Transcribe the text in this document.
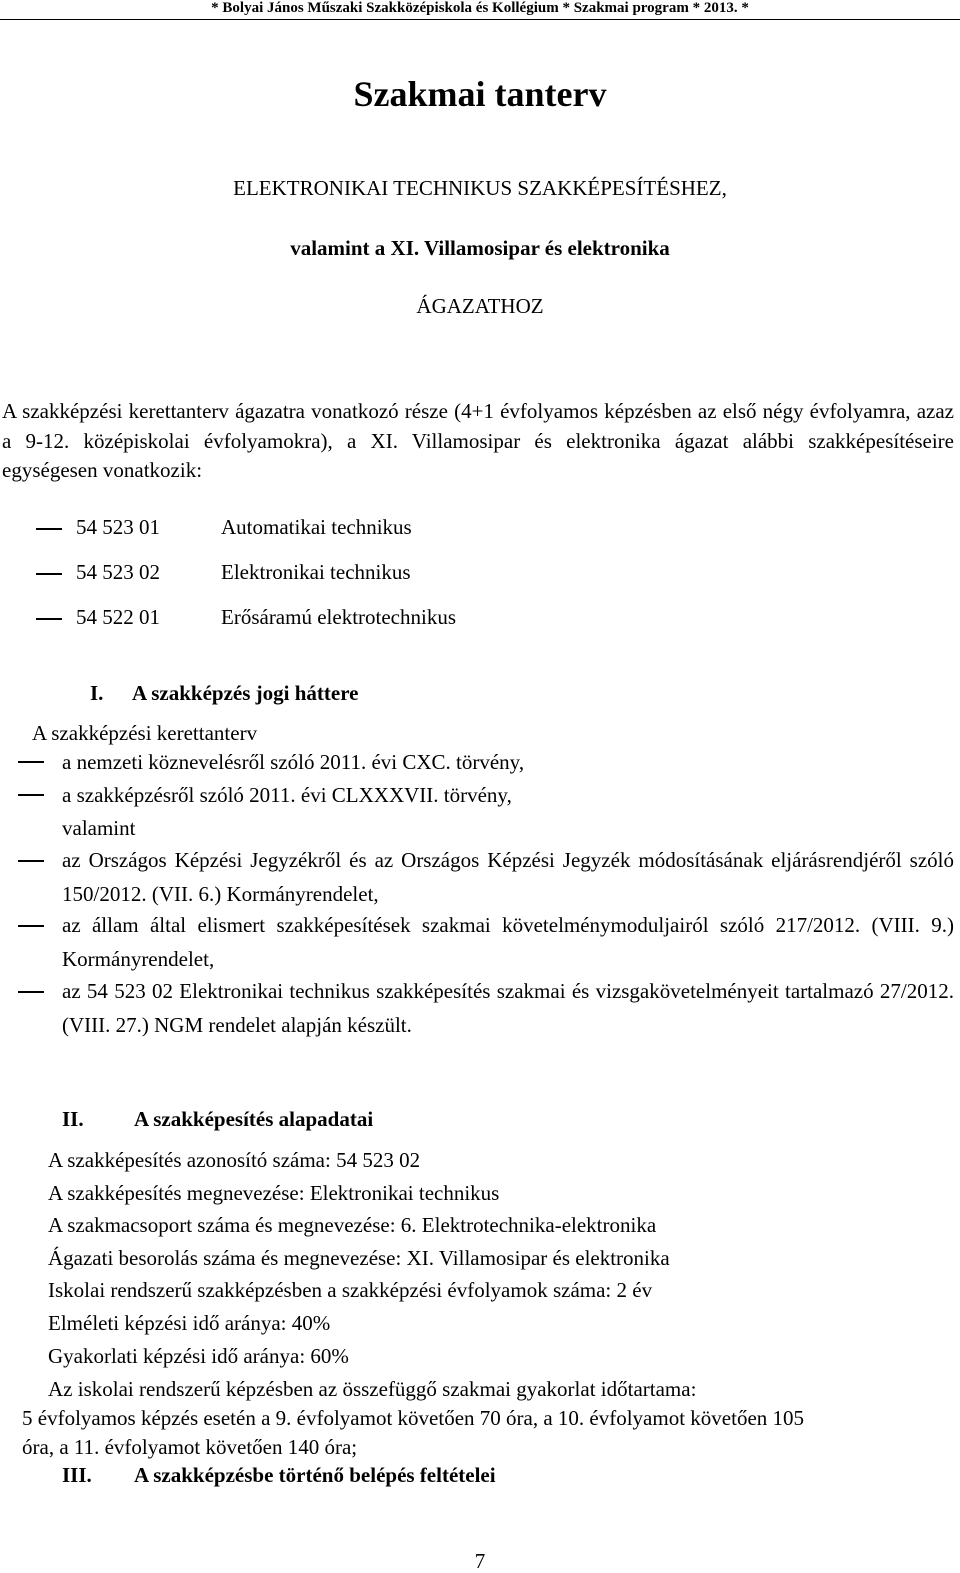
* Bolyai János Műszaki Szakközépiskola és Kollégium * Szakmai program * 2013. *
Szakmai tanterv
ELEKTRONIKAI TECHNIKUS SZAKKÉPESÍTÉSHEZ,
valamint a XI. Villamosipar és elektronika
ÁGAZATHOZ
A szakképzési kerettanterv ágazatra vonatkozó része (4+1 évfolyamos képzésben az első négy évfolyamra, azaz a 9-12. középiskolai évfolyamokra), a XI. Villamosipar és elektronika ágazat alábbi szakképesítéseire egységesen vonatkozik:
54 523 01	Automatikai technikus
54 523 02	Elektronikai technikus
54 522 01	Erősáramú elektrotechnikus
I. A szakképzés jogi háttere
A szakképzési kerettanterv
a nemzeti köznevelésről szóló 2011. évi CXC. törvény,
a szakképzésről szóló 2011. évi CLXXXVII. törvény,
valamint
az Országos Képzési Jegyzékről és az Országos Képzési Jegyzék módosításának eljárásrendjéről szóló 150/2012. (VII. 6.) Kormányrendelet,
az állam által elismert szakképesítések szakmai követelménymoduljairól szóló 217/2012. (VIII. 9.) Kormányrendelet,
az 54 523 02 Elektronikai technikus szakképesítés szakmai és vizsgakövetelményeit tartalmazó 27/2012. (VIII. 27.) NGM rendelet alapján készült.
II. A szakképesítés alapadatai
A szakképesítés azonosító száma: 54 523 02
A szakképesítés megnevezése: Elektronikai technikus
A szakmacsoport száma és megnevezése: 6. Elektrotechnika-elektronika
Ágazati besorolás száma és megnevezése: XI. Villamosipar és elektronika
Iskolai rendszerű szakképzésben a szakképzési évfolyamok száma: 2 év
Elméleti képzési idő aránya: 40%
Gyakorlati képzési idő aránya: 60%
Az iskolai rendszerű képzésben az összefüggő szakmai gyakorlat időtartama:
5 évfolyamos képzés esetén a 9. évfolyamot követően 70 óra, a 10. évfolyamot követően 105
óra, a 11. évfolyamot követően 140 óra;
III. A szakképzésbe történő belépés feltételei
7
